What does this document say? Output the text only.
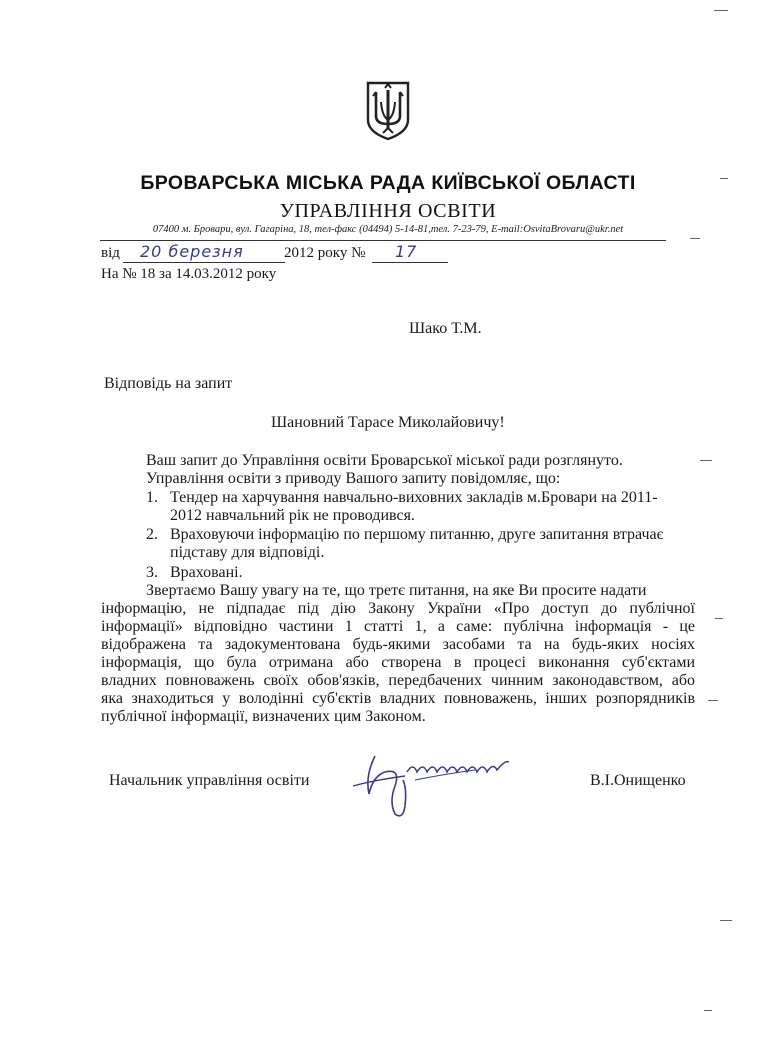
БРОВАРСЬКА МІСЬКА РАДА КИЇВСЬКОЇ ОБЛАСТІ
УПРАВЛІННЯ ОСВІТИ
07400 м. Бровари, вул. Гагаріна, 18, тел-факс (04494) 5-14-81,тел. 7-23-79, E-mail:OsvitaBrovaru@ukr.net
від 20 березня	2012 року № 17
На № 18 за 14.03.2012 року
Шако Т.М.
Відповідь на запит
Шановний Тарасе Миколайовичу!
Ваш запит до Управління освіти Броварської міської ради розглянуто.
Управління освіти з приводу Вашого запиту повідомляє, що:
1. Тендер на харчування навчально-виховних закладів м.Бровари на 2011-
2012 навчальний рік не проводився.
2. Враховуючи інформацію по першому питанню, друге запитання втрачає
підставу для відповіді.
3. Враховані.
Звертаємо Вашу увагу на те, що третє питання, на яке Ви просите надати
інформацію, не підпадає під дію Закону України «Про доступ до публічної
інформації» відповідно частини 1 статті 1, а саме: публічна інформація - це
відображена та задокументована будь-якими засобами та на будь-яких носіях
інформація, що була отримана або створена в процесі виконання суб'єктами
владних повноважень своїх обов'язків, передбачених чинним законодавством, або
яка знаходиться у володінні суб'єктів владних повноважень, інших розпорядників
публічної інформації, визначених цим Законом.
Начальник управління освіти	В.І.Онищенко
